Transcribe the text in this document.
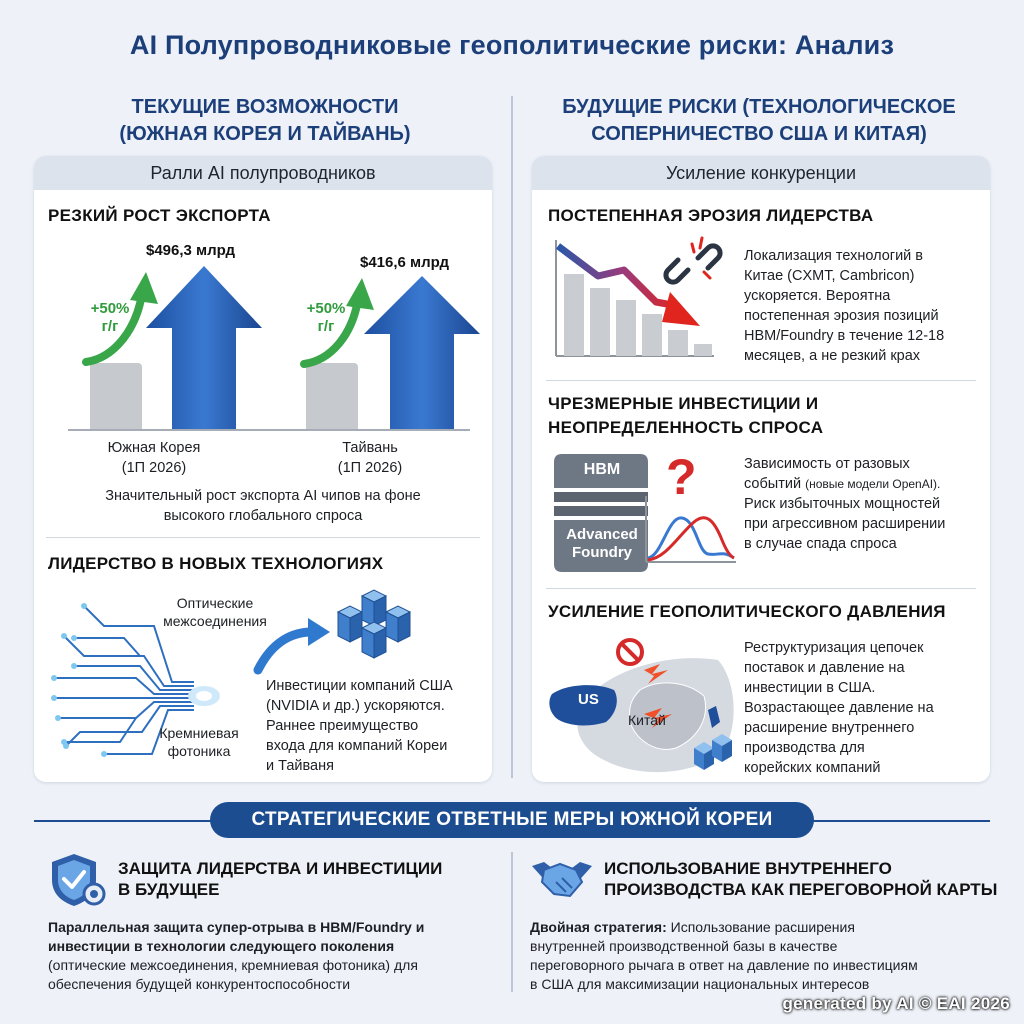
AI Полупроводниковые геополитические риски: Анализ
ТЕКУЩИЕ ВОЗМОЖНОСТИ
(ЮЖНАЯ КОРЕЯ И ТАЙВАНЬ)
БУДУЩИЕ РИСКИ (ТЕХНОЛОГИЧЕСКОЕ
СОПЕРНИЧЕСТВО США И КИТАЯ)
Ралли AI полупроводников
РЕЗКИЙ РОСТ ЭКСПОРТА
$496,3 млрд
+50%
г/г
$416,6 млрд
+50%
г/г
Южная Корея
(1П 2026)
Тайвань
(1П 2026)
Значительный рост экспорта AI чипов на фоне
высокого глобального спроса
ЛИДЕРСТВО В НОВЫХ ТЕХНОЛОГИЯХ
Оптические
межсоединения
Кремниевая
фотоника
Инвестиции компаний США
(NVIDIA и др.) ускоряются.
Раннее преимущество
входа для компаний Кореи
и Тайваня
Усиление конкуренции
ПОСТЕПЕННАЯ ЭРОЗИЯ ЛИДЕРСТВА
Локализация технологий в
Китае (CXMT, Cambricon)
ускоряется. Вероятна
постепенная эрозия позиций
HBM/Foundry в течение 12-18
месяцев, а не резкий крах
ЧРЕЗМЕРНЫЕ ИНВЕСТИЦИИ И
НЕОПРЕДЕЛЕННОСТЬ СПРОСА
HBM
Advanced
Foundry
?	Зависимость от разовых
событий (новые модели OpenAI).
Риск избыточных мощностей
при агрессивном расширении
в случае спада спроса
УСИЛЕНИЕ ГЕОПОЛИТИЧЕСКОГО ДАВЛЕНИЯ
US
Китай
Реструктуризация цепочек
поставок и давление на
инвестиции в США.
Возрастающее давление на
расширение внутреннего
производства для
корейских компаний
СТРАТЕГИЧЕСКИЕ ОТВЕТНЫЕ МЕРЫ ЮЖНОЙ КОРЕИ
ЗАЩИТА ЛИДЕРСТВА И ИНВЕСТИЦИИ
В БУДУЩЕЕ
Параллельная защита супер-отрыва в HBM/Foundry и
инвестиции в технологии следующего поколения
(оптические межсоединения, кремниевая фотоника) для
обеспечения будущей конкурентоспособности
ИСПОЛЬЗОВАНИЕ ВНУТРЕННЕГО
ПРОИЗВОДСТВА КАК ПЕРЕГОВОРНОЙ КАРТЫ
Двойная стратегия: Использование расширения
внутренней производственной базы в качестве
переговорного рычага в ответ на давление по инвестициям
в США для максимизации национальных интересов
generated by AI © EAI 2026
